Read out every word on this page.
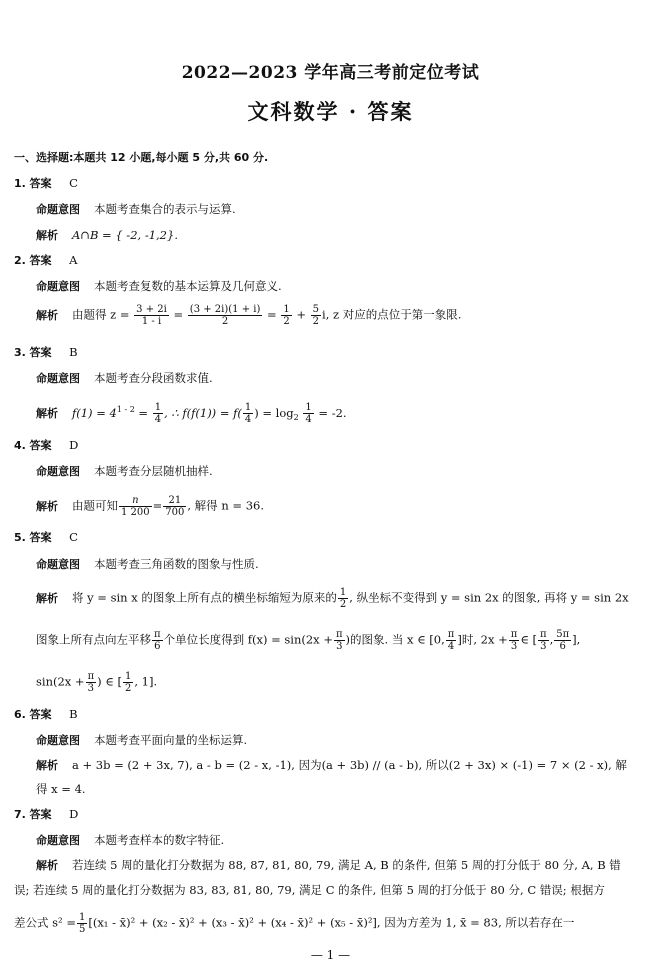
2022—2023 学年高三考前定位考试
文科数学 · 答案
一、选择题:本题共 12 小题,每小题 5 分,共 60 分.
1. 答案 C
命题意图 本题考查集合的表示与运算.
解析 A∩B = { -2, -1,2}.
2. 答案 A
命题意图 本题考查复数的基本运算及几何意义.
解析 由题得 $z = \frac{3 + 2i}{1 - i} = \frac{(3 + 2i)(1 + i)}{2} = \frac{1}{2} + \frac{5}{2} i$, z 对应的点位于第一象限.
3. 答案 B
命题意图 本题考查分段函数求值.
解析 $f(1) = 4^{1 - 2} = \frac{1}{4}$ , ∴ $f(f(1)) = f( \frac{1}{4}$ ) = $\log_2 \frac{1}{4} = -2$.
4. 答案 D
命题意图 本题考查分层随机抽样.
解析 由题可知 $\frac{n}{1 200} = \frac{21}{700}$ , 解得 n = 36.
5. 答案 C
命题意图 本题考查三角函数的图象与性质.
解析 将 y = sin x 的图象上所有点的横坐标缩短为原来的 $\frac{1}{2}$ , 纵坐标不变得到 y = sin 2x 的图象, 再将 y = sin 2x
图象上所有点向左平移 $\frac{\pi}{6}$ 个单位长度得到 $f(x) = \sin(2x + \frac{\pi}{3}$ )的图象. 当 x ∈ [0, $\frac{\pi}{4}$ ]时, $2x + \frac{\pi}{3}$ ∈ [ $\frac{\pi}{3}$ , $\frac{5\pi}{6}$ ],
$\sin(2x + \frac{\pi}{3}$ ) ∈ [ $\frac{1}{2}$ , 1].
6. 答案 B
命题意图 本题考查平面向量的坐标运算.
解析 a + 3b = (2 + 3x, 7), a - b = (2 - x, -1), 因为(a + 3b) // (a - b), 所以(2 + 3x) × (-1) = 7 × (2 - x), 解
得 x = 4.
7. 答案 D
命题意图 本题考查样本的数字特征.
解析 若连续 5 周的量化打分数据为 88, 87, 81, 80, 79, 满足 A, B 的条件, 但第 5 周的打分低于 80 分, A, B 错
误; 若连续 5 周的量化打分数据为 83, 83, 81, 80, 79, 满足 C 的条件, 但第 5 周的打分低于 80 分, C 错误; 根据方
差公式 $s^2 = \frac{1}{5} [(x_1$ - x̄)² + (x₂ - x̄)² + (x₃ - x̄)² + (x₄ - x̄)² + (x₅ - x̄)²], 因为方差为 1, x̄ = 83, 所以若存在一
— 1 —
